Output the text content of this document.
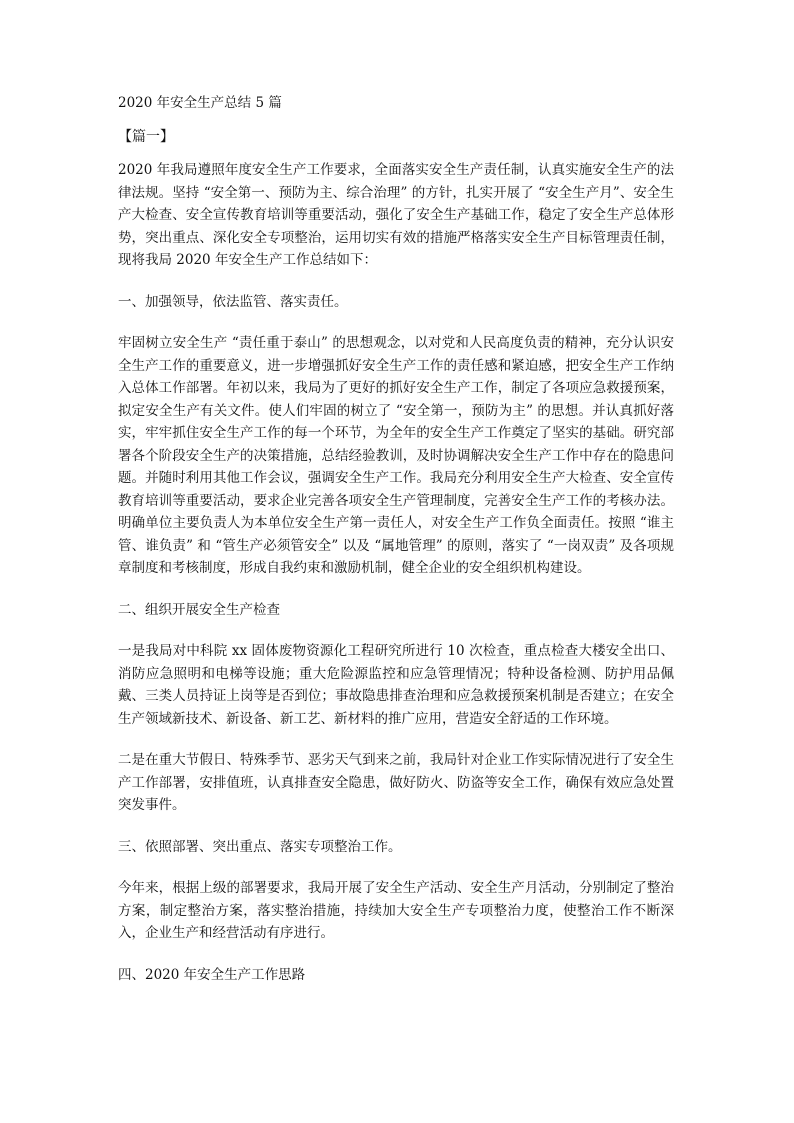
2020 年安全生产总结 5 篇
【篇一】

2020 年我局遵照年度安全生产工作要求，全面落实安全生产责任制，认真实施安全生产的法律法规。坚持 “安全第一、预防为主、综合治理” 的方针，扎实开展了 “安全生产月”、安全生产大检查、安全宣传教育培训等重要活动，强化了安全生产基础工作，稳定了安全生产总体形势，突出重点、深化安全专项整治，运用切实有效的措施严格落实安全生产目标管理责任制，现将我局 2020 年安全生产工作总结如下：

一、加强领导，依法监管、落实责任。

牢固树立安全生产 “责任重于泰山” 的思想观念，以对党和人民高度负责的精神，充分认识安全生产工作的重要意义，进一步增强抓好安全生产工作的责任感和紧迫感，把安全生产工作纳入总体工作部署。年初以来，我局为了更好的抓好安全生产工作，制定了各项应急救援预案，拟定安全生产有关文件。使人们牢固的树立了 “安全第一，预防为主” 的思想。并认真抓好落实，牢牢抓住安全生产工作的每一个环节，为全年的安全生产工作奠定了坚实的基础。研究部署各个阶段安全生产的决策措施，总结经验教训，及时协调解决安全生产工作中存在的隐患问题。并随时利用其他工作会议，强调安全生产工作。我局充分利用安全生产大检查、安全宣传教育培训等重要活动，要求企业完善各项安全生产管理制度，完善安全生产工作的考核办法。明确单位主要负责人为本单位安全生产第一责任人，对安全生产工作负全面责任。按照 “谁主管、谁负责” 和 “管生产必须管安全” 以及 “属地管理” 的原则，落实了 “一岗双责” 及各项规章制度和考核制度，形成自我约束和激励机制，健全企业的安全组织机构建设。

二、组织开展安全生产检查

一是我局对中科院 xx 固体废物资源化工程研究所进行 10 次检查，重点检查大楼安全出口、消防应急照明和电梯等设施；重大危险源监控和应急管理情况；特种设备检测、防护用品佩戴、三类人员持证上岗等是否到位；事故隐患排查治理和应急救援预案机制是否建立；在安全生产领域新技术、新设备、新工艺、新材料的推广应用，营造安全舒适的工作环境。

二是在重大节假日、特殊季节、恶劣天气到来之前，我局针对企业工作实际情况进行了安全生产工作部署，安排值班，认真排查安全隐患，做好防火、防盗等安全工作，确保有效应急处置突发事件。

三、依照部署、突出重点、落实专项整治工作。

今年来，根据上级的部署要求，我局开展了安全生产活动、安全生产月活动，分别制定了整治方案，制定整治方案，落实整治措施，持续加大安全生产专项整治力度，使整治工作不断深入，企业生产和经营活动有序进行。

四、2020 年安全生产工作思路
